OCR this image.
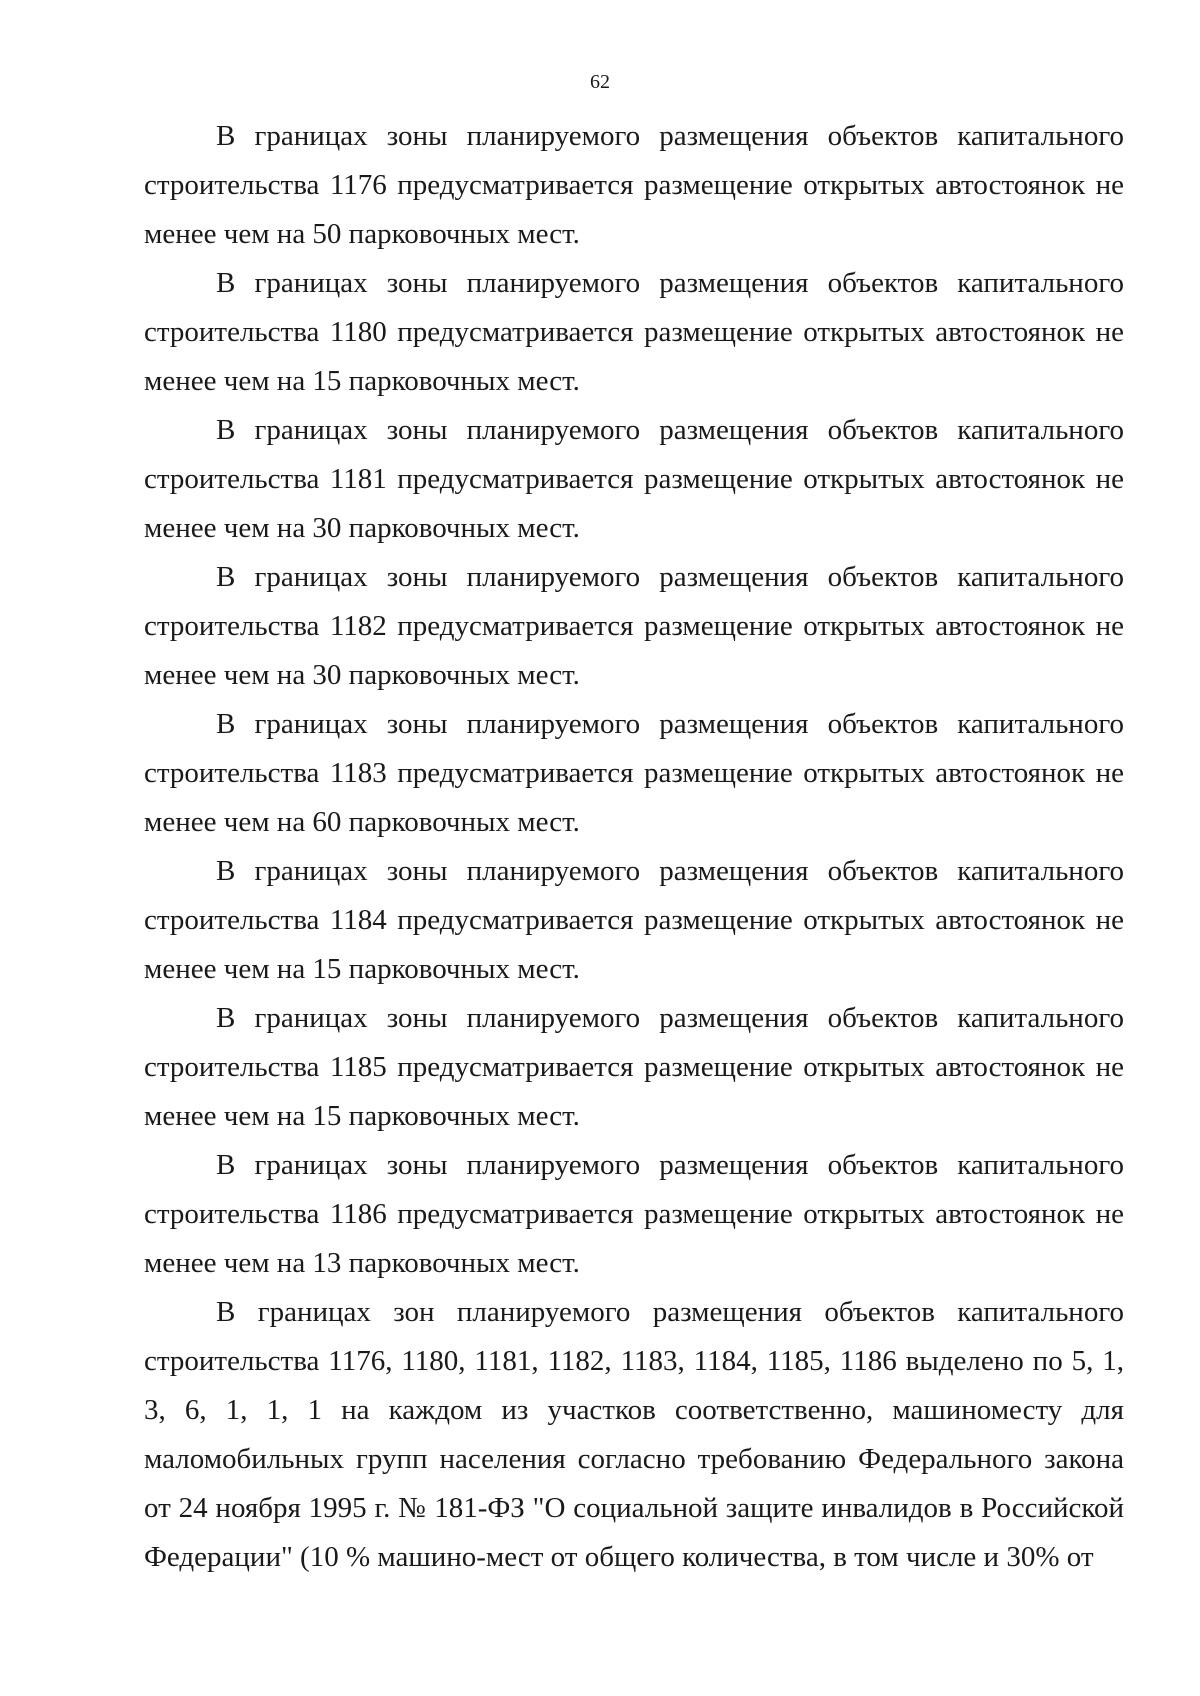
62

В границах зоны планируемого размещения объектов капитального строительства 1176 предусматривается размещение открытых автостоянок не менее чем на 50 парковочных мест.

В границах зоны планируемого размещения объектов капитального строительства 1180 предусматривается размещение открытых автостоянок не менее чем на 15 парковочных мест.

В границах зоны планируемого размещения объектов капитального строительства 1181 предусматривается размещение открытых автостоянок не менее чем на 30 парковочных мест.

В границах зоны планируемого размещения объектов капитального строительства 1182 предусматривается размещение открытых автостоянок не менее чем на 30 парковочных мест.

В границах зоны планируемого размещения объектов капитального строительства 1183 предусматривается размещение открытых автостоянок не менее чем на 60 парковочных мест.

В границах зоны планируемого размещения объектов капитального строительства 1184 предусматривается размещение открытых автостоянок не менее чем на 15 парковочных мест.

В границах зоны планируемого размещения объектов капитального строительства 1185 предусматривается размещение открытых автостоянок не менее чем на 15 парковочных мест.

В границах зоны планируемого размещения объектов капитального строительства 1186 предусматривается размещение открытых автостоянок не менее чем на 13 парковочных мест.

В границах зон планируемого размещения объектов капитального строительства 1176, 1180, 1181, 1182, 1183, 1184, 1185, 1186 выделено по 5, 1, 3, 6, 1, 1, 1 на каждом из участков соответственно, машиноместу для маломобильных групп населения согласно требованию Федерального закона от 24 ноября 1995 г. № 181-ФЗ "О социальной защите инвалидов в Российской Федерации" (10 % машино-мест от общего количества, в том числе и 30% от
